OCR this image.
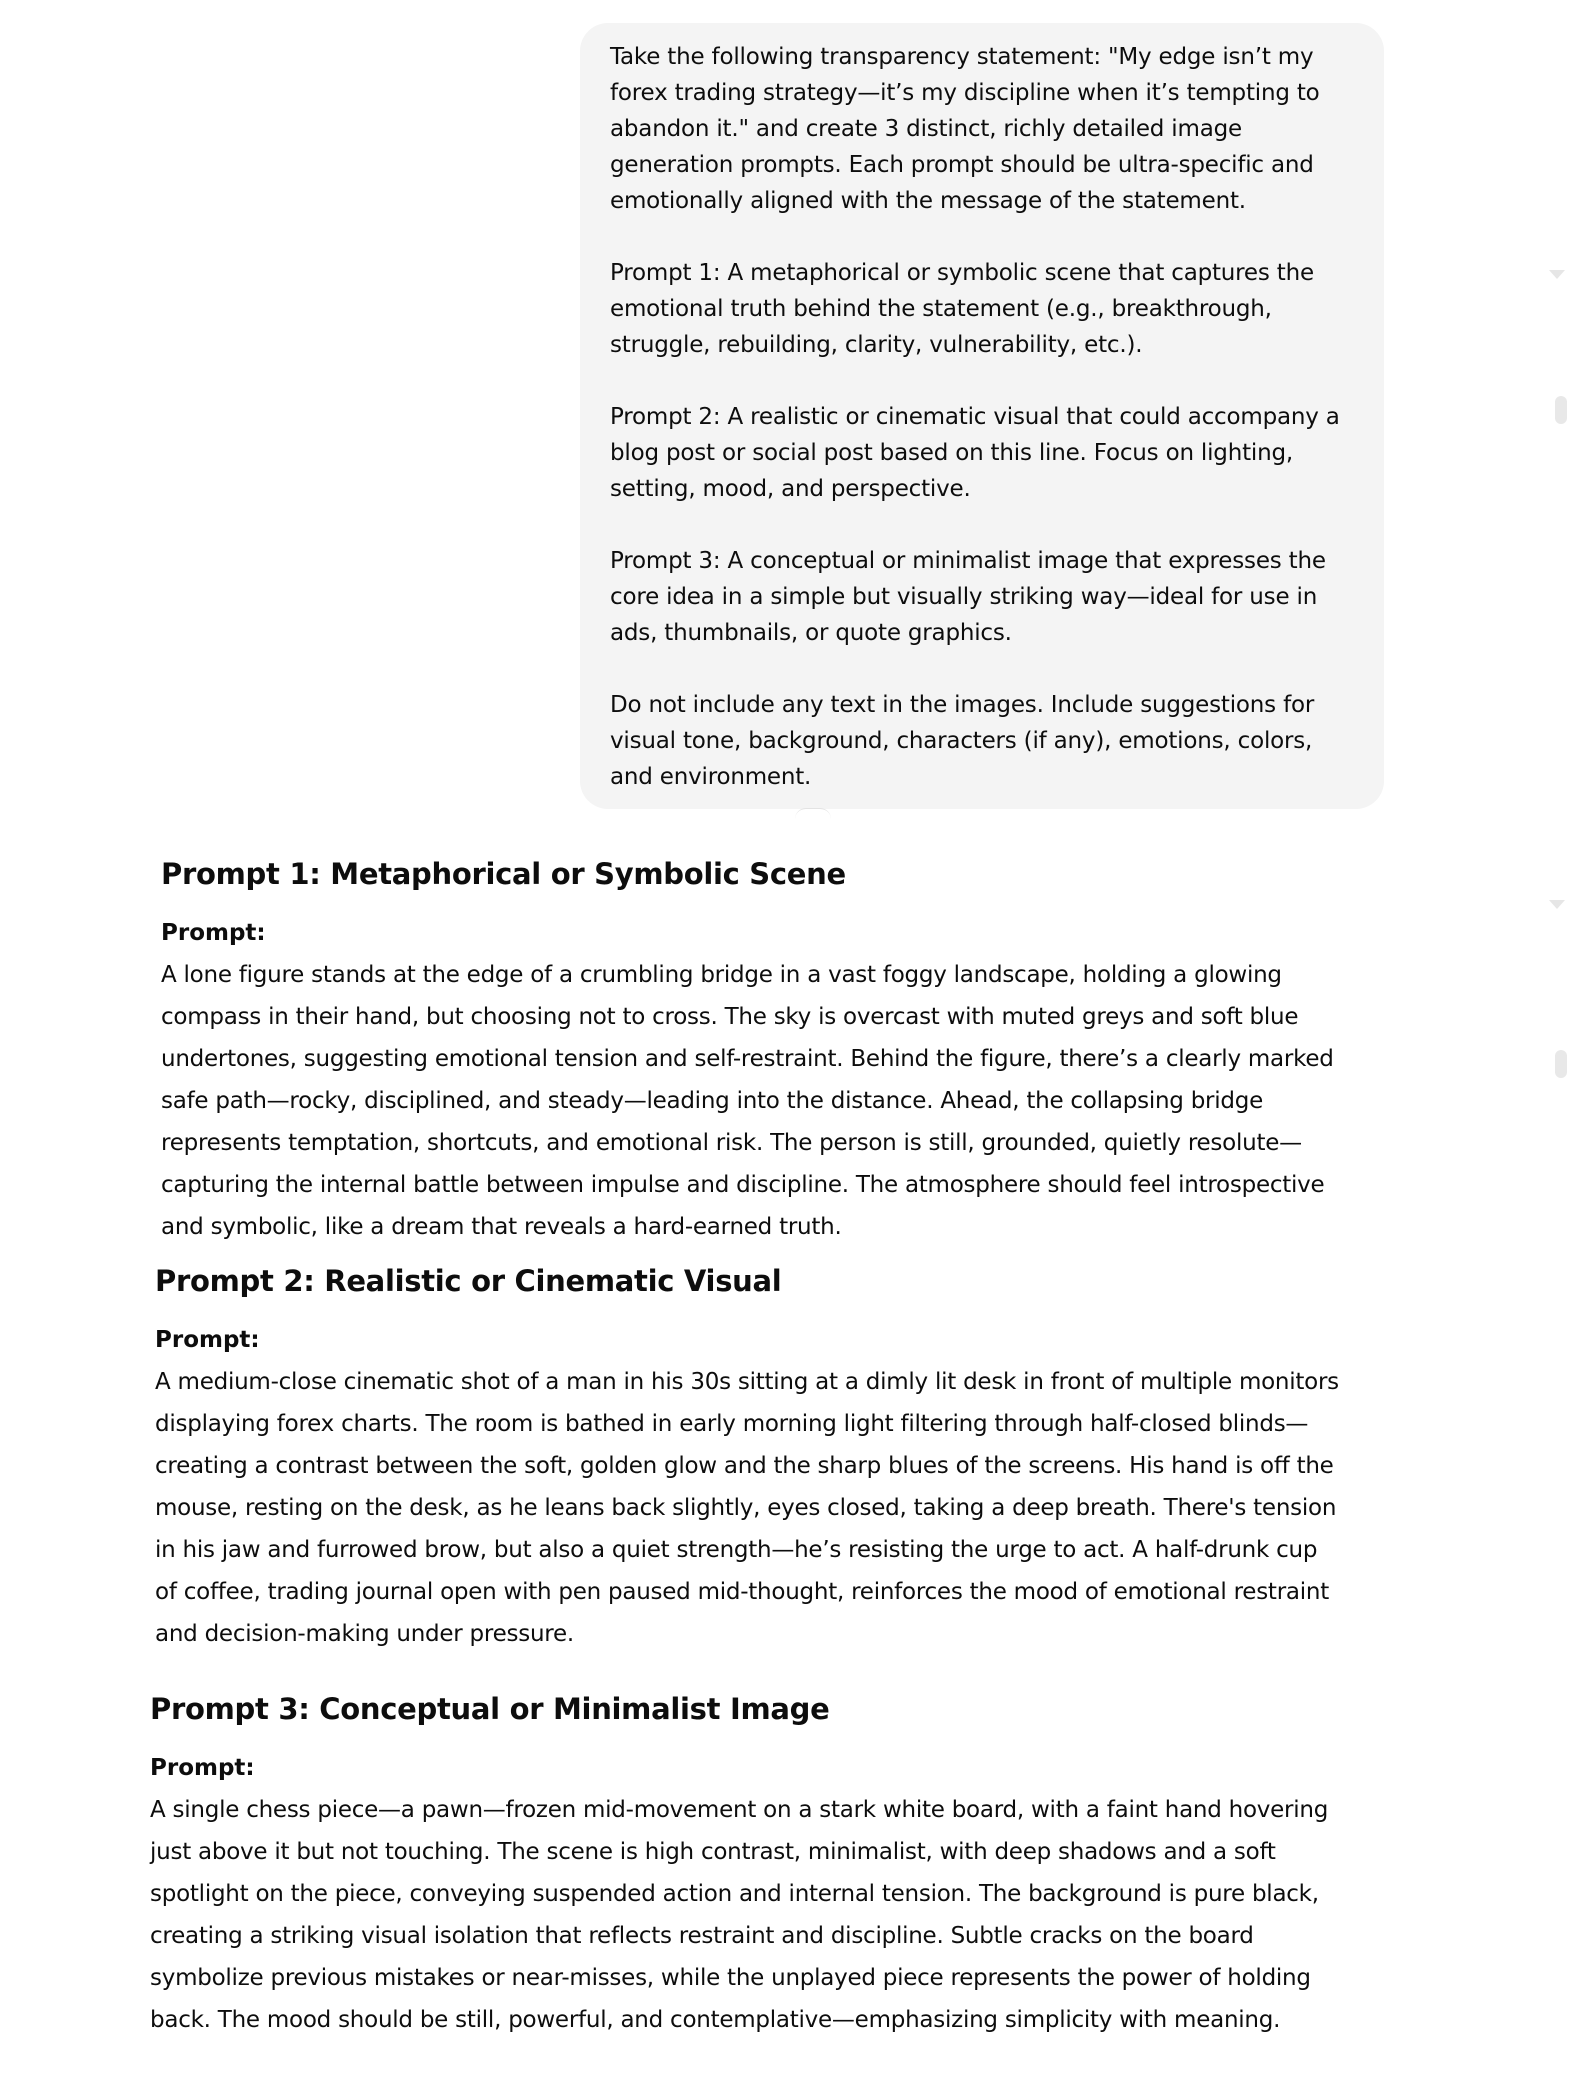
Take the following transparency statement: "My edge isn’t my forex trading strategy—it’s my discipline when it’s tempting to abandon it." and create 3 distinct, richly detailed image generation prompts. Each prompt should be ultra-specific and emotionally aligned with the message of the statement.

Prompt 1: A metaphorical or symbolic scene that captures the emotional truth behind the statement (e.g., breakthrough, struggle, rebuilding, clarity, vulnerability, etc.).

Prompt 2: A realistic or cinematic visual that could accompany a blog post or social post based on this line. Focus on lighting, setting, mood, and perspective.

Prompt 3: A conceptual or minimalist image that expresses the core idea in a simple but visually striking way—ideal for use in ads, thumbnails, or quote graphics.

Do not include any text in the images. Include suggestions for visual tone, background, characters (if any), emotions, colors, and environment.

Prompt 1: Metaphorical or Symbolic Scene
Prompt:

A lone figure stands at the edge of a crumbling bridge in a vast foggy landscape, holding a glowing compass in their hand, but choosing not to cross. The sky is overcast with muted greys and soft blue undertones, suggesting emotional tension and self-restraint. Behind the figure, there’s a clearly marked safe path—rocky, disciplined, and steady—leading into the distance. Ahead, the collapsing bridge represents temptation, shortcuts, and emotional risk. The person is still, grounded, quietly resolute—capturing the internal battle between impulse and discipline. The atmosphere should feel introspective and symbolic, like a dream that reveals a hard-earned truth.

Prompt 2: Realistic or Cinematic Visual
Prompt:

A medium-close cinematic shot of a man in his 30s sitting at a dimly lit desk in front of multiple monitors displaying forex charts. The room is bathed in early morning light filtering through half-closed blinds—creating a contrast between the soft, golden glow and the sharp blues of the screens. His hand is off the mouse, resting on the desk, as he leans back slightly, eyes closed, taking a deep breath. There's tension in his jaw and furrowed brow, but also a quiet strength—he’s resisting the urge to act. A half-drunk cup of coffee, trading journal open with pen paused mid-thought, reinforces the mood of emotional restraint and decision-making under pressure.

Prompt 3: Conceptual or Minimalist Image
Prompt:

A single chess piece—a pawn—frozen mid-movement on a stark white board, with a faint hand hovering just above it but not touching. The scene is high contrast, minimalist, with deep shadows and a soft spotlight on the piece, conveying suspended action and internal tension. The background is pure black, creating a striking visual isolation that reflects restraint and discipline. Subtle cracks on the board symbolize previous mistakes or near-misses, while the unplayed piece represents the power of holding back. The mood should be still, powerful, and contemplative—emphasizing simplicity with meaning.
